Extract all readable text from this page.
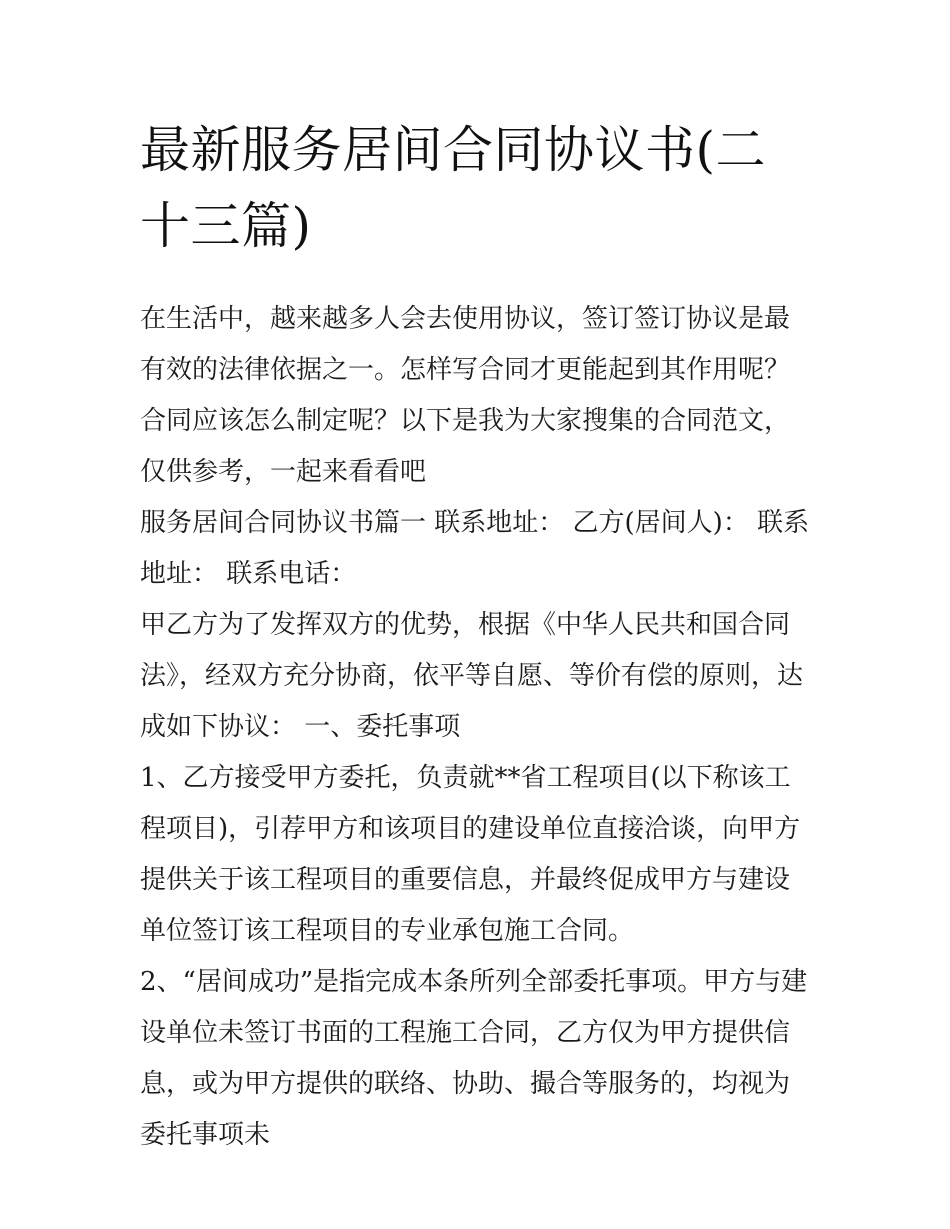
最新服务居间合同协议书(二十三篇)

在生活中，越来越多人会去使用协议，签订签订协议是最有效的法律依据之一。怎样写合同才更能起到其作用呢？合同应该怎么制定呢？以下是我为大家搜集的合同范文，仅供参考，一起来看看吧

服务居间合同协议书篇一 联系地址： 乙方(居间人)： 联系地址： 联系电话：

甲乙方为了发挥双方的优势，根据《中华人民共和国合同法》，经双方充分协商，依平等自愿、等价有偿的原则，达成如下协议： 一、委托事项

1、乙方接受甲方委托，负责就**省工程项目(以下称该工程项目)，引荐甲方和该项目的建设单位直接洽谈，向甲方提供关于该工程项目的重要信息，并最终促成甲方与建设单位签订该工程项目的专业承包施工合同。

2、“居间成功”是指完成本条所列全部委托事项。甲方与建设单位未签订书面的工程施工合同，乙方仅为甲方提供信息，或为甲方提供的联络、协助、撮合等服务的，均视为委托事项未
